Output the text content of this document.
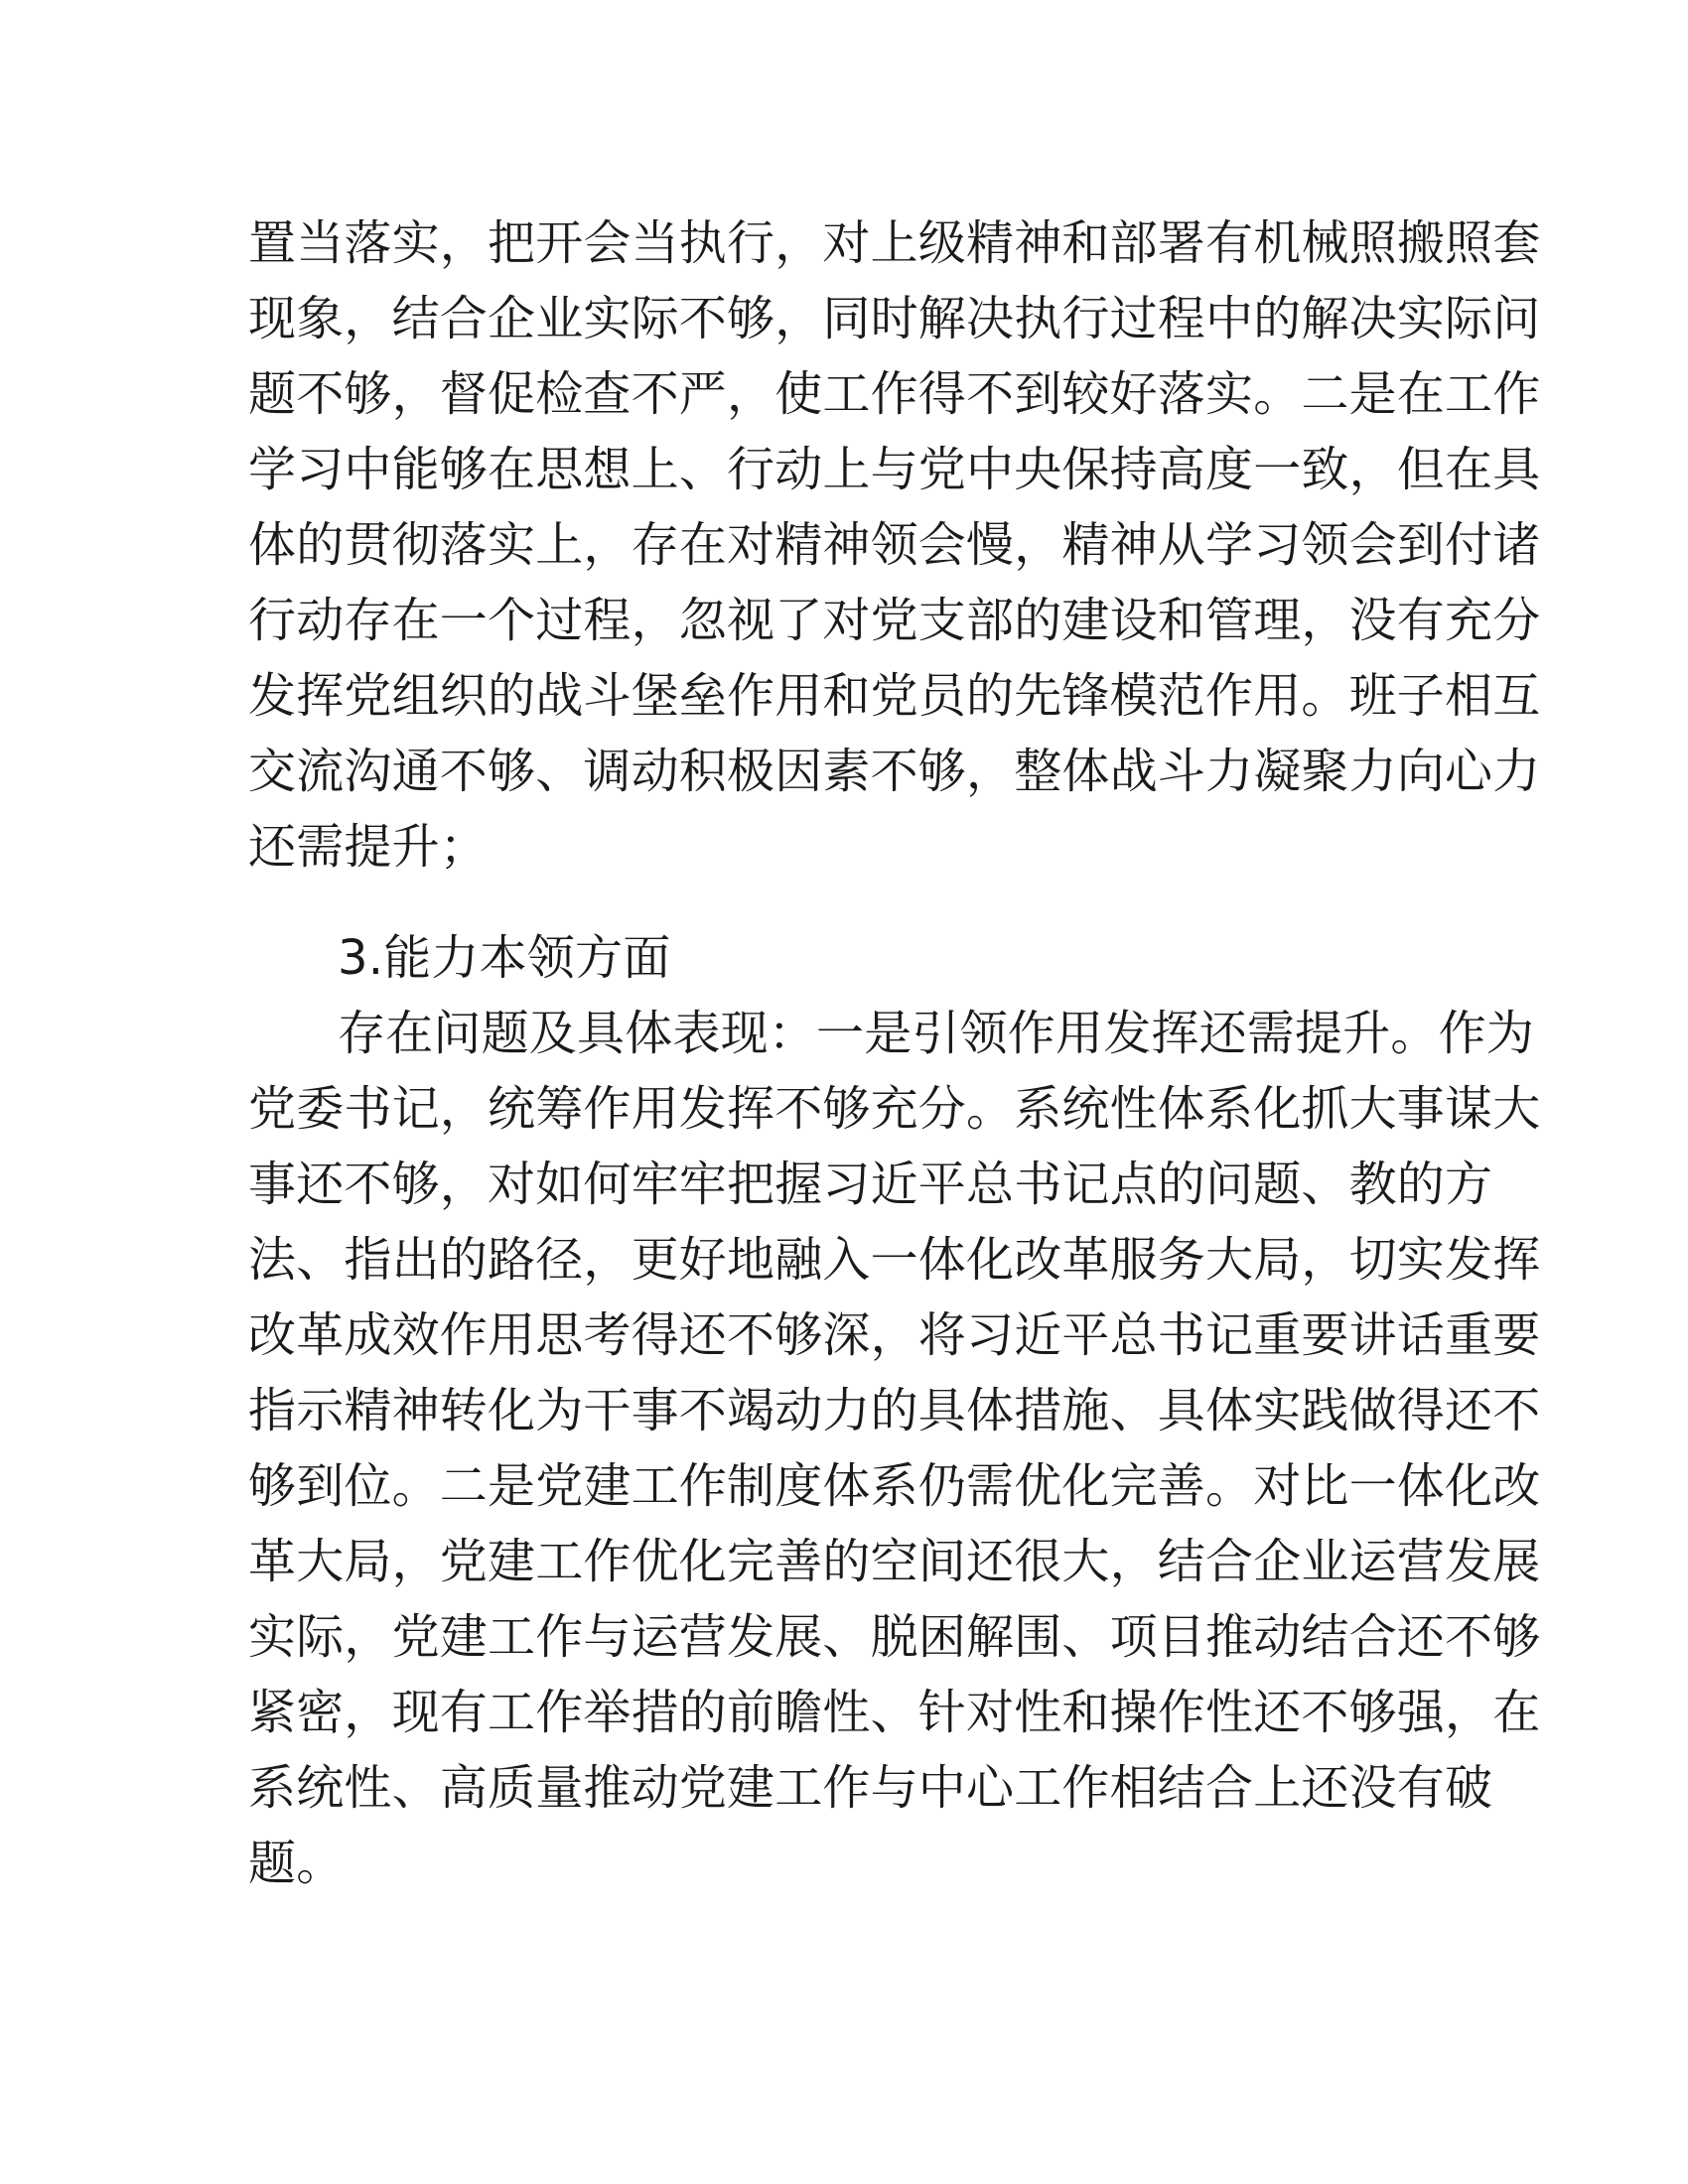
置当落实，把开会当执行，对上级精神和部署有机械照搬照套
现象，结合企业实际不够，同时解决执行过程中的解决实际问
题不够，督促检查不严，使工作得不到较好落实。二是在工作
学习中能够在思想上、行动上与党中央保持高度一致，但在具
体的贯彻落实上，存在对精神领会慢，精神从学习领会到付诸
行动存在一个过程，忽视了对党支部的建设和管理，没有充分
发挥党组织的战斗堡垒作用和党员的先锋模范作用。班子相互
交流沟通不够、调动积极因素不够，整体战斗力凝聚力向心力
还需提升；
3.能力本领方面
存在问题及具体表现：一是引领作用发挥还需提升。作为
党委书记，统筹作用发挥不够充分。系统性体系化抓大事谋大
事还不够，对如何牢牢把握习近平总书记点的问题、教的方
法、指出的路径，更好地融入一体化改革服务大局，切实发挥
改革成效作用思考得还不够深，将习近平总书记重要讲话重要
指示精神转化为干事不竭动力的具体措施、具体实践做得还不
够到位。二是党建工作制度体系仍需优化完善。对比一体化改
革大局，党建工作优化完善的空间还很大，结合企业运营发展
实际，党建工作与运营发展、脱困解围、项目推动结合还不够
紧密，现有工作举措的前瞻性、针对性和操作性还不够强，在
系统性、高质量推动党建工作与中心工作相结合上还没有破
题。
